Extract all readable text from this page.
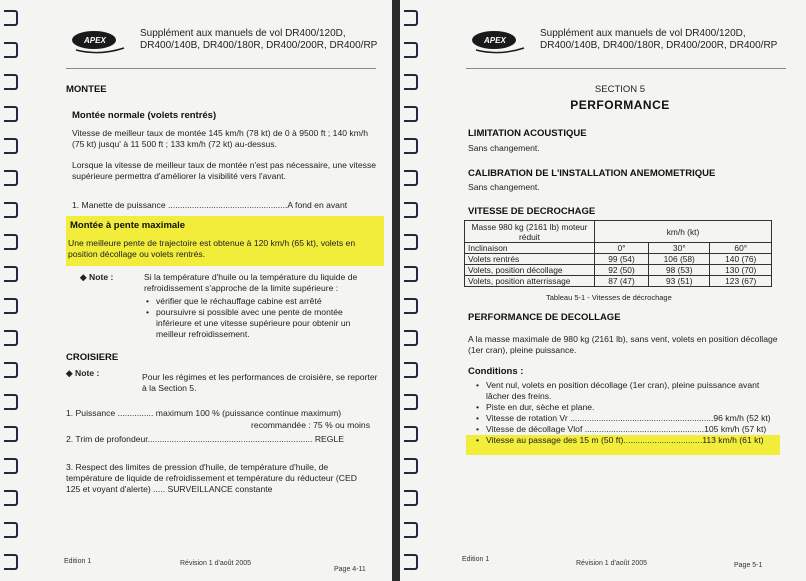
APEX
Supplément aux manuels de vol DR400/120D,
DR400/140B, DR400/180R, DR400/200R, DR400/RP
MONTEE
Montée normale (volets rentrés)
Vitesse de meilleur taux de montée 145 km/h (78 kt) de 0 à 9500 ft ; 140 km/h (75 kt) jusqu' à 11 500 ft ; 133 km/h (72 kt) au-dessus.
Lorsque la vitesse de meilleur taux de montée n'est pas nécessaire, une vitesse supérieure permettra d'améliorer la visibilité vers l'avant.
1. Manette de puissance ..................................................A fond en avant
Montée à pente maximale
Une meilleure pente de trajectoire est obtenue à 120 km/h (65 kt), volets en position décollage ou volets rentrés.
◆ Note :	Si la température d'huile ou la température du liquide de refroidissement s'approche de la limite supérieure :
• vérifier que le réchauffage cabine est arrêté
• poursuivre si possible avec une pente de montée inférieure et une vitesse supérieure pour obtenir un meilleur refroidissement.
CROISIERE
◆ Note :	Pour les régimes et les performances de croisière, se reporter à la Section 5.
1. Puissance ............... maximum 100 % (puissance continue maximum)
recommandée : 75 % ou moins
2. Trim de profondeur..................................................................... REGLE
3. Respect des limites de pression d'huile, de température d'huile, de température de liquide de refroidissement et température du réducteur (CED 125 et voyant d'alerte) ..... SURVEILLANCE constante
Edition 1	Révision 1 d'août 2005
Page 4-11
APEX
Supplément aux manuels de vol DR400/120D,
DR400/140B, DR400/180R, DR400/200R, DR400/RP
SECTION 5
PERFORMANCE
LIMITATION ACOUSTIQUE
Sans changement.
CALIBRATION DE L'INSTALLATION ANEMOMETRIQUE
Sans changement.
VITESSE DE DECROCHAGE
Masse 980 kg (2161 lb) moteur réduit	km/h (kt)		
Inclinaison	0°	30°	60°
Volets rentrés	99 (54)	106 (58)	140 (76)
Volets, position décollage	92 (50)	98 (53)	130 (70)
Volets, position atterrissage	87 (47)	93 (51)	123 (67)
Tableau 5-1 - Vitesses de décrochage
PERFORMANCE DE DECOLLAGE
A la masse maximale de 980 kg (2161 lb), sans vent, volets en position décollage (1er cran), pleine puissance.
Conditions :
• Vent nul, volets en position décollage (1er cran), pleine puissance avant lâcher des freins.
• Piste en dur, sèche et plane.
• Vitesse de rotation Vr ............................................................96 km/h (52 kt)
• Vitesse de décollage Vlof ..................................................105 km/h (57 kt)
• Vitesse au passage des 15 m (50 ft).................................113 km/h (61 kt)
Edition 1
Révision 1 d'août 2005	Page 5-1
